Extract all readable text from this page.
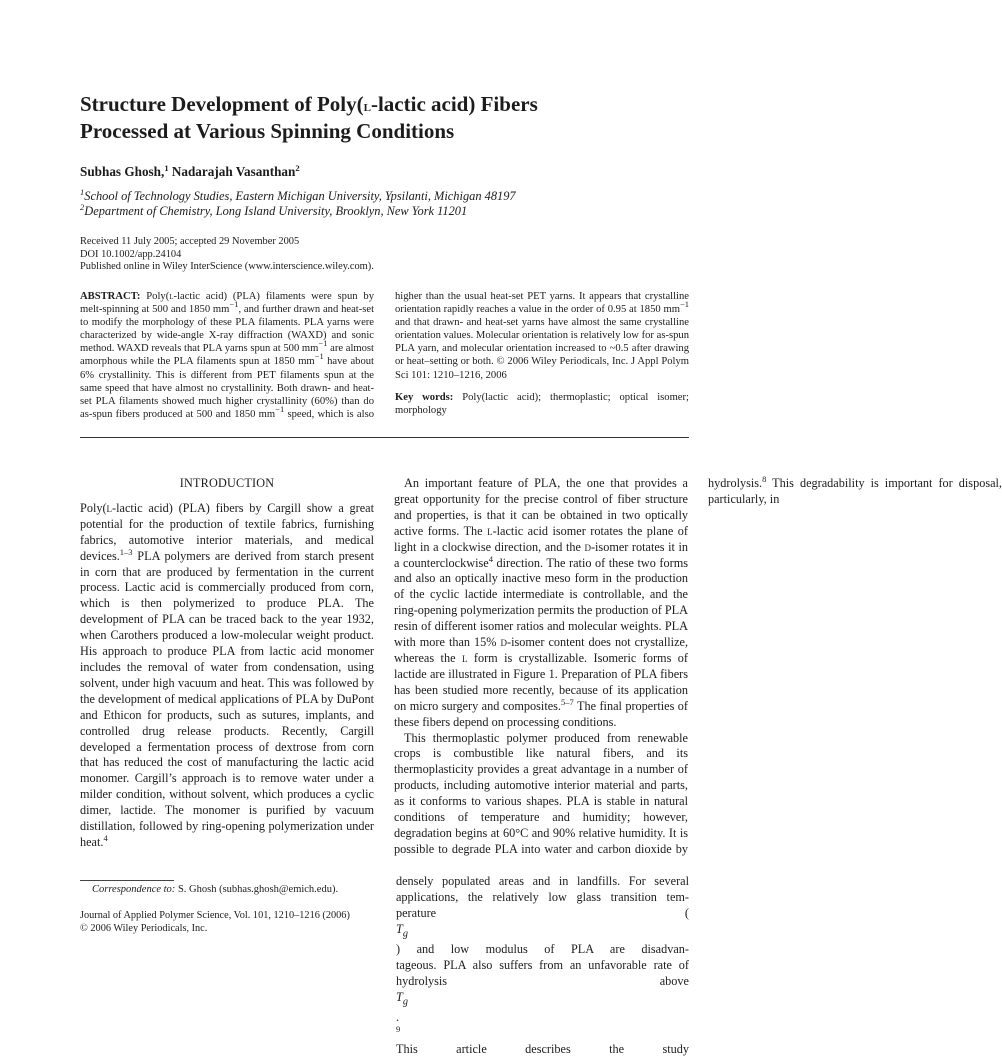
Structure Development of Poly(l-lactic acid) Fibers
Processed at Various Spinning Conditions

Subhas Ghosh,$^1$ Nadarajah Vasanthan$^2$

$^1$School of Technology Studies, Eastern Michigan University, Ypsilanti, Michigan 48197
$^2$Department of Chemistry, Long Island University, Brooklyn, New York 11201

Received 11 July 2005; accepted 29 November 2005
DOI 10.1002/app.24104
Published online in Wiley InterScience (www.interscience.wiley.com).

ABSTRACT: Poly(l-lactic acid) (PLA) filaments were spun by melt-spinning at 500 and 1850 $mm^{-1}$, and further drawn and heat-set to modify the morphology of these PLA filaments. PLA yarns were characterized by wide-angle X-ray diffraction (WAXD) and sonic method. WAXD reveals that PLA yarns spun at 500 $mm^{-1}$ are almost amorphous while the PLA filaments spun at 1850 $mm^{-1}$ have about 6% crystallinity. This is different from PET filaments spun at the same speed that have almost no crystallinity. Both drawn- and heat-set PLA filaments showed much higher crystallinity (60%) than do as-spun fibers produced at 500 and 1850 $mm^{-1}$ speed, which is also higher than the usual heat-set PET yarns. It appears that crystalline orientation rapidly reaches a value in the order of 0.95 at 1850 $mm^{-1}$ and that drawn- and heat-set yarns have almost the same crystalline orientation values. Molecular orientation is relatively low for as-spun PLA yarn, and molecular orientation increased to ~0.5 after drawing or heat–setting or both. © 2006 Wiley Periodicals, Inc. J Appl Polym Sci 101: 1210–1216, 2006

Key words: Poly(lactic acid); thermoplastic; optical isomer; morphology

INTRODUCTION

Poly(l-lactic acid) (PLA) fibers by Cargill show a great potential for the production of textile fabrics, furnishing fabrics, automotive interior materials, and medical devices.$^{1-3}$ PLA polymers are derived from starch present in corn that are produced by fermentation in the current process. Lactic acid is commercially produced from corn, which is then polymerized to produce PLA. The development of PLA can be traced back to the year 1932, when Carothers produced a low-molecular weight product. His approach to produce PLA from lactic acid monomer includes the removal of water from condensation, using solvent, under high vacuum and heat. This was followed by the development of medical applications of PLA by DuPont and Ethicon for products, such as sutures, implants, and controlled drug release products. Recently, Cargill developed a fermentation process of dextrose from corn that has reduced the cost of manufacturing the lactic acid monomer. Cargill’s approach is to remove water under a milder condition, without solvent, which produces a cyclic dimer, lactide. The monomer is purified by vacuum distillation, followed by ring-opening polymerization under heat.$^4$

An important feature of PLA, the one that provides a great opportunity for the precise control of fiber structure and properties, is that it can be obtained in two optically active forms. The l-lactic acid isomer rotates the plane of light in a clockwise direction, and the d-isomer rotates it in a counterclockwise$^4$ direction. The ratio of these two forms and also an optically inactive meso form in the production of the cyclic lactide intermediate is controllable, and the ring-opening polymerization permits the production of PLA resin of different isomer ratios and molecular weights. PLA with more than 15% d-isomer content does not crystallize, whereas the l form is crystallizable. Isomeric forms of lactide are illustrated in Figure 1. Preparation of PLA fibers has been studied more recently, because of its application on micro surgery and composites.$^{5-7}$ The final properties of these fibers depend on processing conditions.

This thermoplastic polymer produced from renewable crops is combustible like natural fibers, and its thermoplasticity provides a great advantage in a number of products, including automotive interior material and parts, as it conforms to various shapes. PLA is stable in natural conditions of temperature and humidity; however, degradation begins at 60°C and 90% relative humidity. It is possible to degrade PLA into water and carbon dioxide by hydrolysis.$^8$ This degradability is important for disposal, particularly, in

densely populated areas and in landfills. For several
applications, the relatively low glass transition tem-
perature (
$T_g$
) and low modulus of PLA are disadvan-
tageous. PLA also suffers from an unfavorable rate of
hydrolysis above
$T_g$
.
$^9$
This article describes the study

Correspondence to: S. Ghosh (subhas.ghosh@emich.edu).

Journal of Applied Polymer Science, Vol. 101, 1210–1216 (2006)
© 2006 Wiley Periodicals, Inc.
